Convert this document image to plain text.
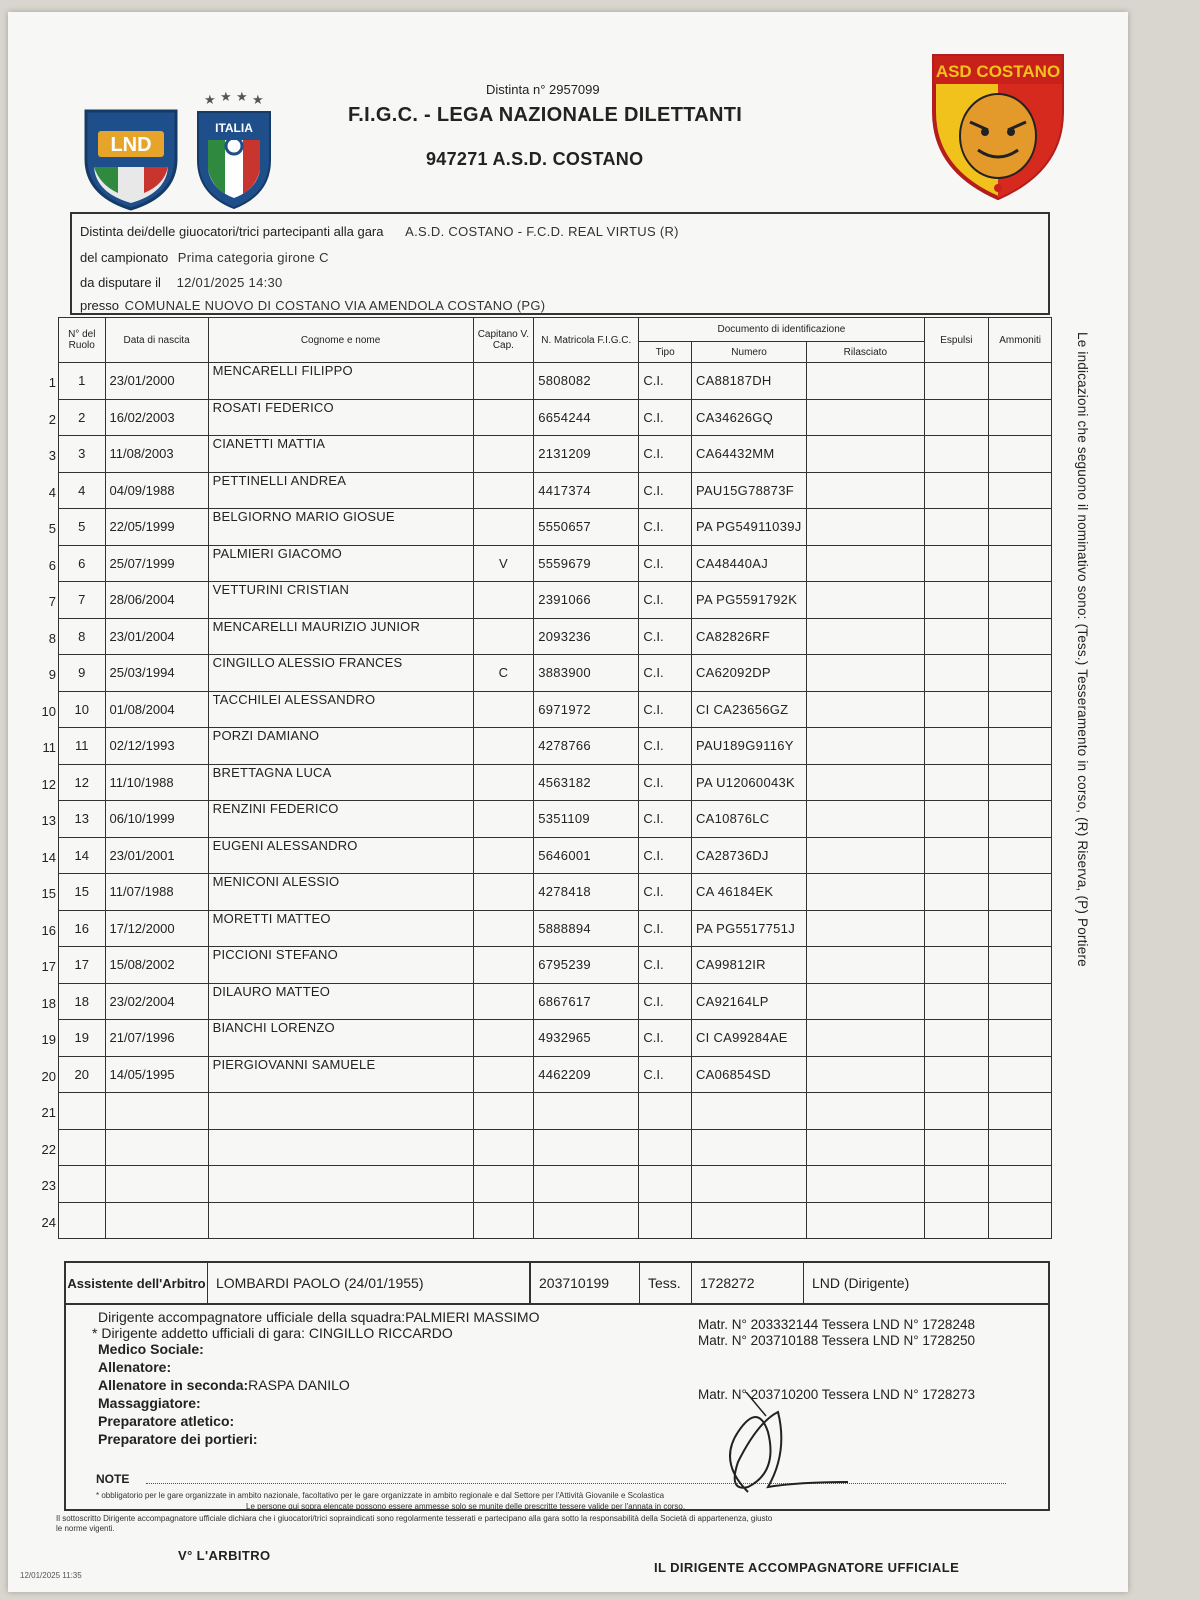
LND
★ ★ ★ ★
ITALIA
Distinta n° 2957099
F.I.G.C. - LEGA NAZIONALE DILETTANTI
947271 A.S.D. COSTANO
ASD COSTANO
Distinta dei/delle giuocatori/trici partecipanti alla gara A.S.D. COSTANO - F.C.D. REAL VIRTUS (R)
del campionato Prima categoria girone C
da disputare il 12/01/2025 14:30
presso COMUNALE NUOVO DI COSTANO VIA AMENDOLA COSTANO (PG)
N° del Ruolo	Data di nascita	Cognome e nome	Capitano V. Cap.	N. Matricola F.I.G.C.	Documento di identificazione			Espulsi	Ammoniti
					Tipo	Numero	Rilasciato		
1	23/01/2000	MENCARELLI FILIPPO		5808082	C.I.	CA88187DH			
2	16/02/2003	ROSATI FEDERICO		6654244	C.I.	CA34626GQ			
3	11/08/2003	CIANETTI MATTIA		2131209	C.I.	CA64432MM			
4	04/09/1988	PETTINELLI ANDREA		4417374	C.I.	PAU15G78873F			
5	22/05/1999	BELGIORNO MARIO GIOSUE		5550657	C.I.	PA PG54911039J			
6	25/07/1999	PALMIERI GIACOMO	V	5559679	C.I.	CA48440AJ			
7	28/06/2004	VETTURINI CRISTIAN		2391066	C.I.	PA PG5591792K			
8	23/01/2004	MENCARELLI MAURIZIO JUNIOR		2093236	C.I.	CA82826RF			
9	25/03/1994	CINGILLO ALESSIO FRANCES	C	3883900	C.I.	CA62092DP			
10	01/08/2004	TACCHILEI ALESSANDRO		6971972	C.I.	CI CA23656GZ			
11	02/12/1993	PORZI DAMIANO		4278766	C.I.	PAU189G9116Y			
12	11/10/1988	BRETTAGNA LUCA		4563182	C.I.	PA U12060043K			
13	06/10/1999	RENZINI FEDERICO		5351109	C.I.	CA10876LC			
14	23/01/2001	EUGENI ALESSANDRO		5646001	C.I.	CA28736DJ			
15	11/07/1988	MENICONI ALESSIO		4278418	C.I.	CA 46184EK			
16	17/12/2000	MORETTI MATTEO		5888894	C.I.	PA PG5517751J			
17	15/08/2002	PICCIONI STEFANO		6795239	C.I.	CA99812IR			
18	23/02/2004	DILAURO MATTEO		6867617	C.I.	CA92164LP			
19	21/07/1996	BIANCHI LORENZO		4932965	C.I.	CI CA99284AE			
20	14/05/1995	PIERGIOVANNI SAMUELE		4462209	C.I.	CA06854SD			

1
2
3
4
5
6
7
8
9
10
11
12
13
14
15
16
17
18
19
20
21
22
23
24
Assistente dell'Arbitro LOMBARDI PAOLO (24/01/1955)	203710199	Tess.	1728272	LND (Dirigente)
Dirigente accompagnatore ufficiale della squadra:PALMIERI MASSIMO
* Dirigente addetto ufficiali di gara: CINGILLO RICCARDO
Medico Sociale:
Allenatore:
Allenatore in seconda:RASPA DANILO
Massaggiatore:
Preparatore atletico:
Preparatore dei portieri:
Matr. N° 203332144 Tessera LND N° 1728248
Matr. N° 203710188 Tessera LND N° 1728250
Matr. N° 203710200 Tessera LND N° 1728273
NOTE
* obbligatorio per le gare organizzate in ambito nazionale, facoltativo per le gare organizzate in ambito regionale e dal Settore per l'Attività Giovanile e Scolastica
Le persone qui sopra elencate possono essere ammesse solo se munite delle prescritte tessere valide per l'annata in corso.
Il sottoscritto Dirigente accompagnatore ufficiale dichiara che i giuocatori/trici sopraindicati sono regolarmente tesserati e partecipano alla gara sotto la responsabilità della Società di appartenenza, giusto
le norme vigenti.
V° L'ARBITRO
IL DIRIGENTE ACCOMPAGNATORE UFFICIALE
Le indicazioni che seguono il nominativo sono: (Tess.) Tesseramento in corso, (R) Riserva, (P) Portiere
12/01/2025 11:35
